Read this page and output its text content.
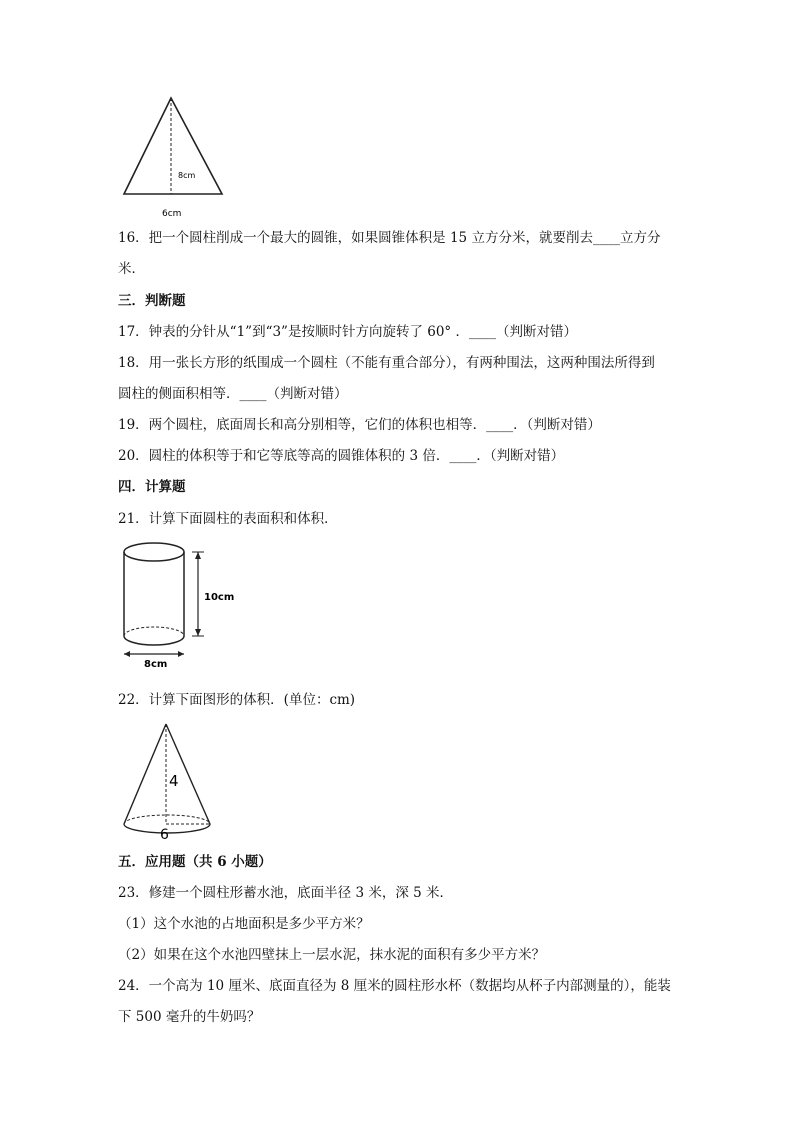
8cm
6cm
16．把一个圆柱削成一个最大的圆锥，如果圆锥体积是 15 立方分米，就要削去____立方分
米．
三．判断题
17．钟表的分针从“1”到“3”是按顺时针方向旋转了 60° ．____（判断对错）
18．用一张长方形的纸围成一个圆柱（不能有重合部分），有两种围法，这两种围法所得到
圆柱的侧面积相等．____（判断对错）
19．两个圆柱，底面周长和高分别相等，它们的体积也相等．____．（判断对错）
20．圆柱的体积等于和它等底等高的圆锥体积的 3 倍．____．（判断对错）
四．计算题
21．计算下面圆柱的表面积和体积．
10cm
8cm
22．计算下面图形的体积．(单位：cm)
4
6
五．应用题（共 6 小题）
23．修建一个圆柱形蓄水池，底面半径 3 米，深 5 米．
（1）这个水池的占地面积是多少平方米？
（2）如果在这个水池四壁抹上一层水泥，抹水泥的面积有多少平方米？
24．一个高为 10 厘米、底面直径为 8 厘米的圆柱形水杯（数据均从杯子内部测量的），能装
下 500 毫升的牛奶吗？
